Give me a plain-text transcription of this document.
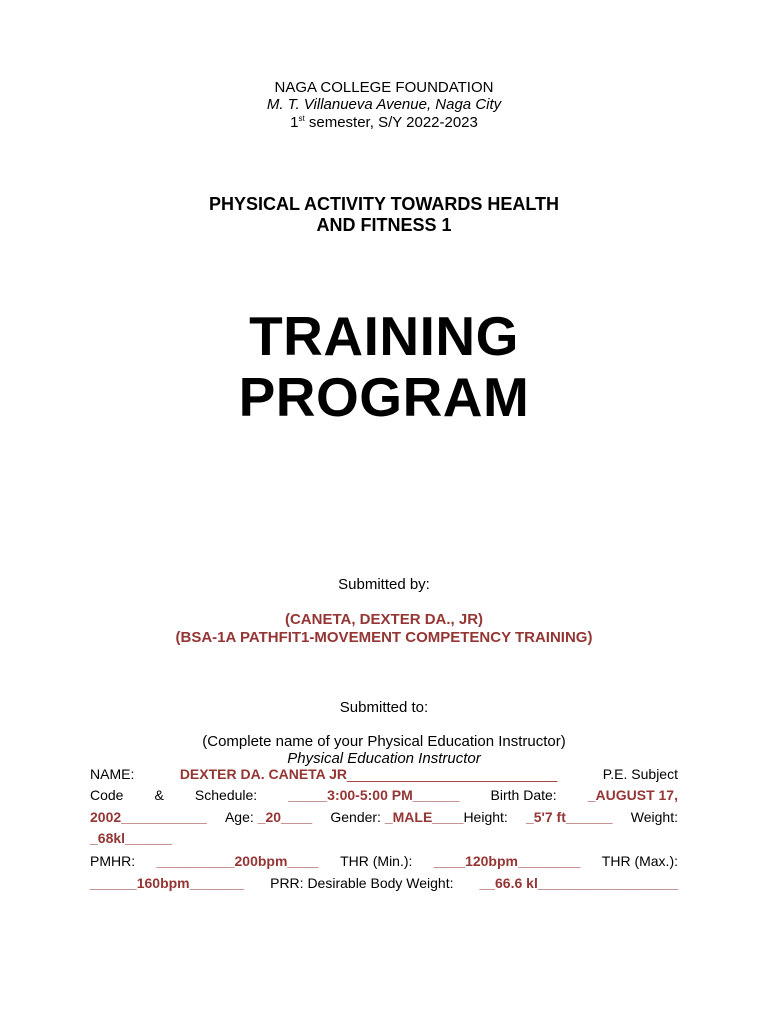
NAGA COLLEGE FOUNDATION
M. T. Villanueva Avenue, Naga City
1st semester, S/Y 2022-2023
PHYSICAL ACTIVITY TOWARDS HEALTH
AND FITNESS 1
TRAINING
PROGRAM
Submitted by:
(CANETA, DEXTER DA., JR)
(BSA-1A PATHFIT1-MOVEMENT COMPETENCY TRAINING)
Submitted to:
(Complete name of your Physical Education Instructor)
Physical Education Instructor
NAME:	DEXTER DA. CANETA JR___________________________	P.E. Subject
Code & Schedule: _____3:00-5:00 PM______ Birth Date: _AUGUST 17,
2002___________ Age: _20____ Gender: _MALE____Height: _5'7 ft______ Weight:
_68kl______
PMHR: __________200bpm____ THR (Min.): ____120bpm________ THR (Max.):
______160bpm_______ PRR: Desirable Body Weight: __66.6 kl__________________
